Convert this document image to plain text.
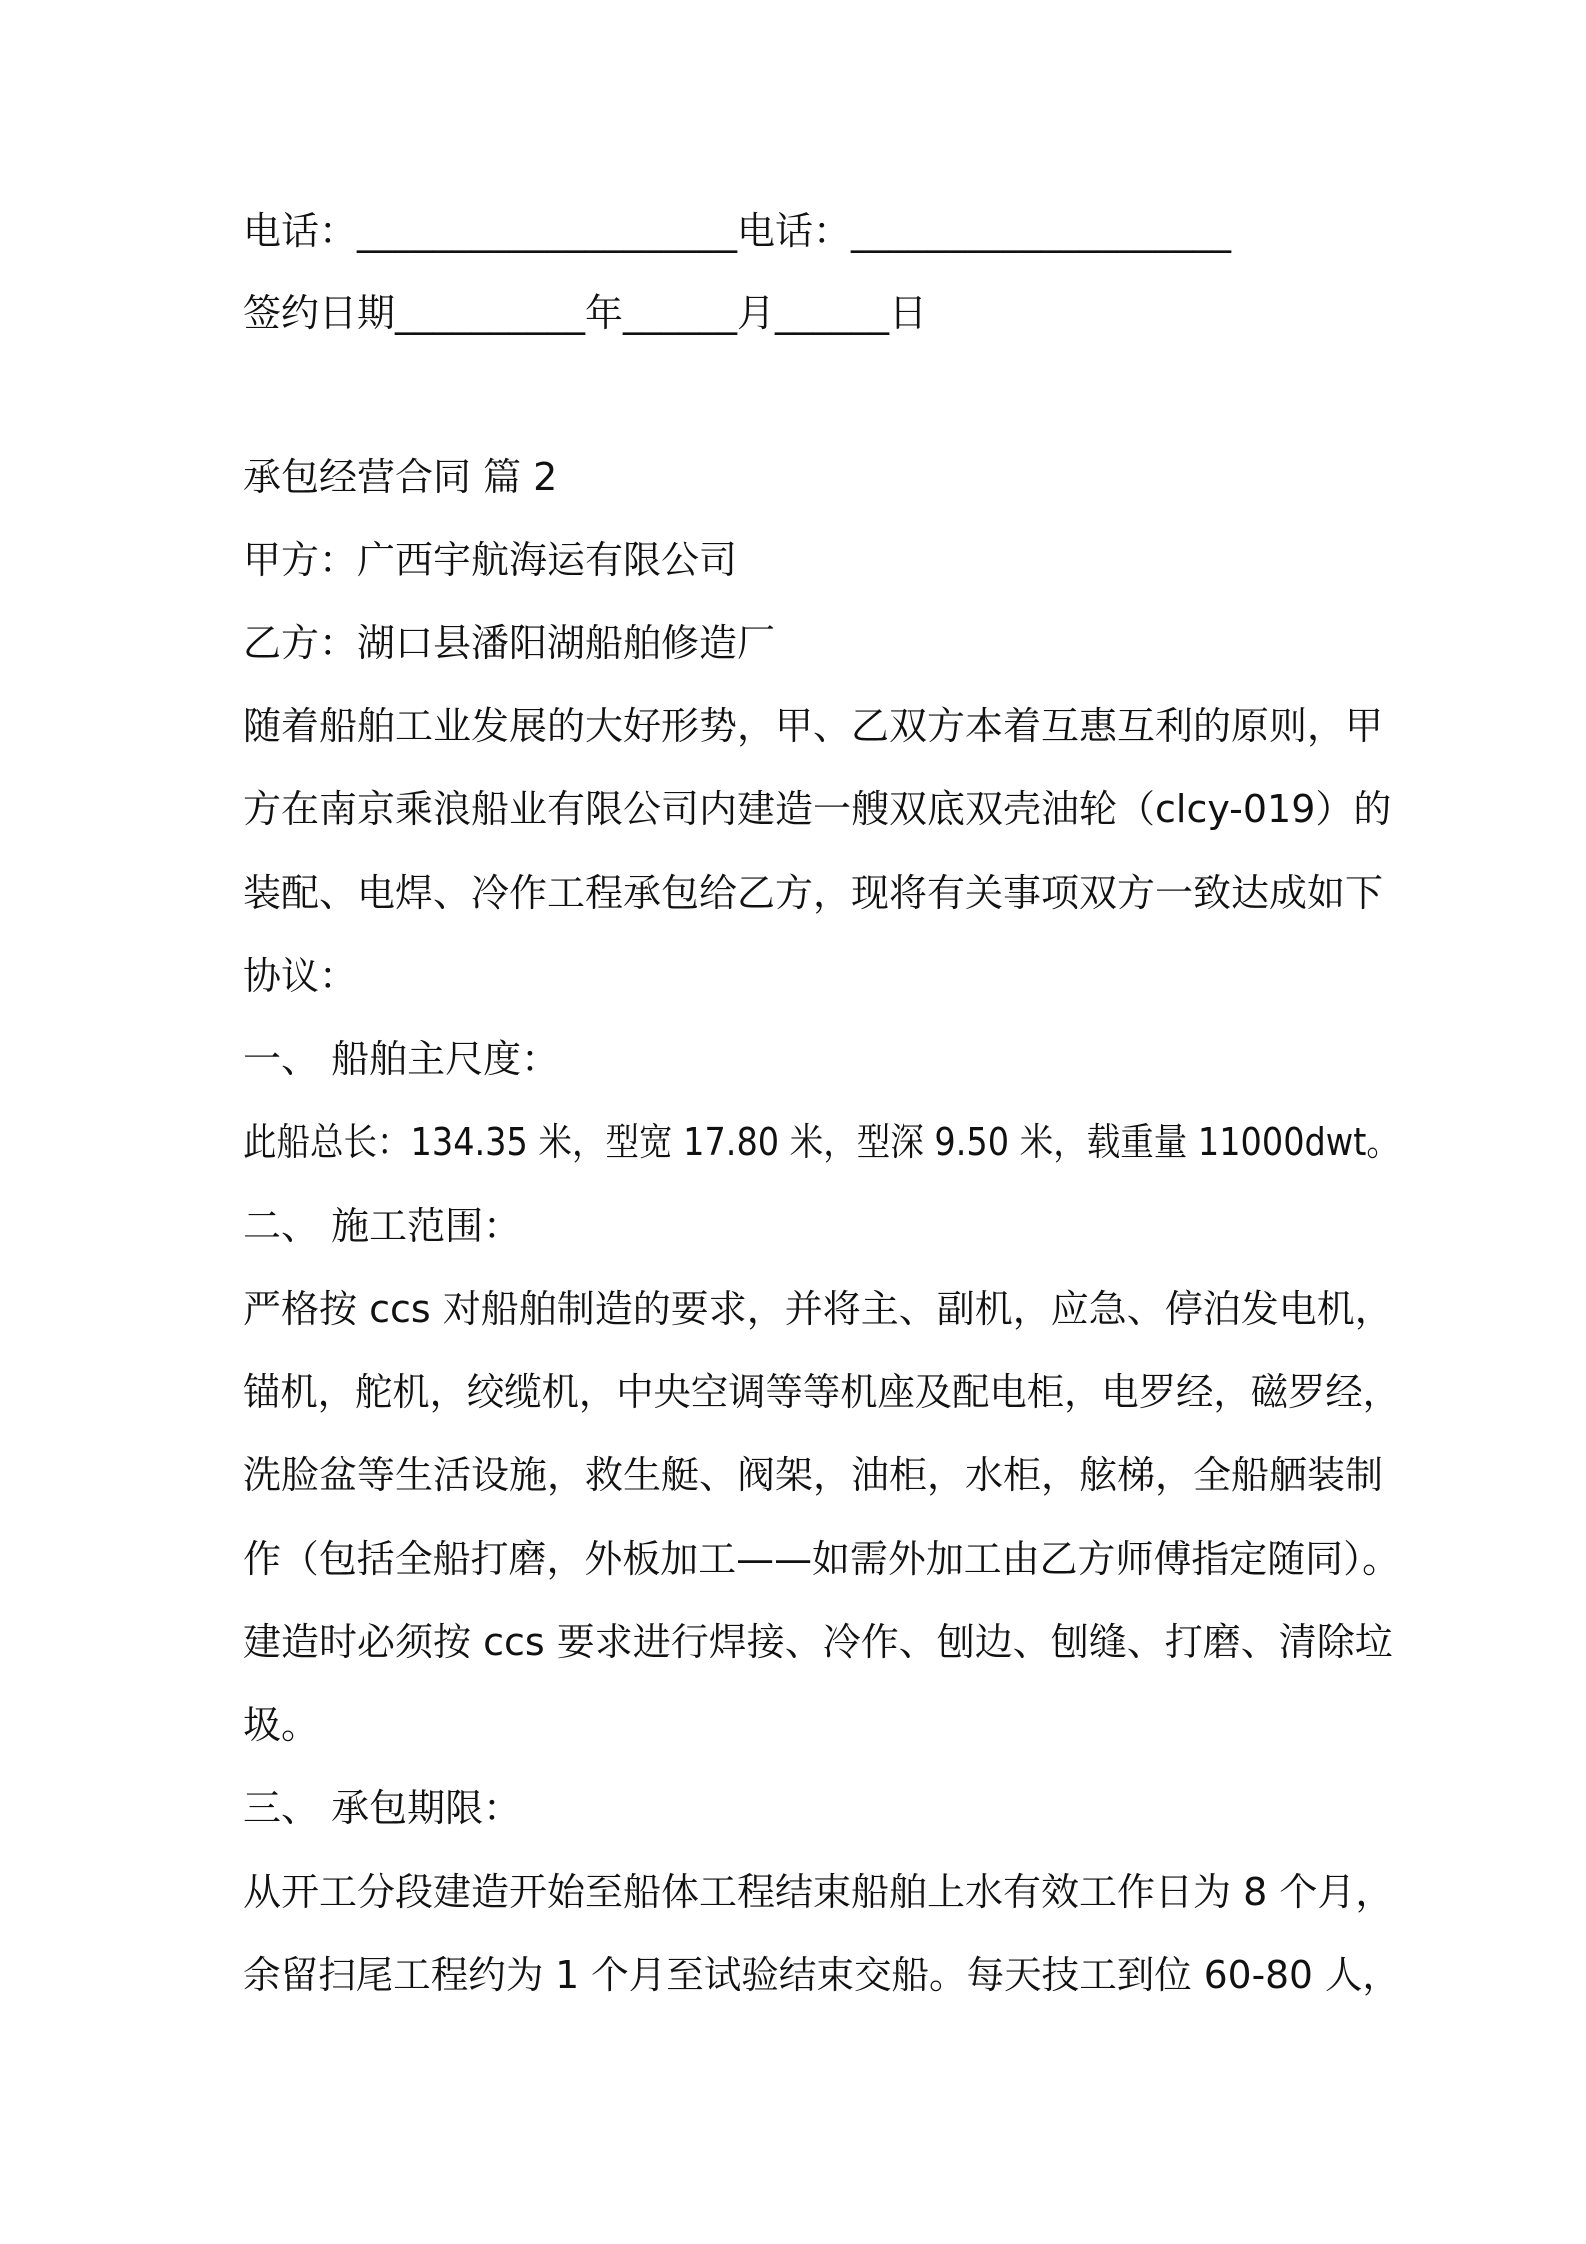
电话：____________________电话：____________________
签约日期__________年______月______日
承包经营合同 篇 2
甲方：广西宇航海运有限公司
乙方：湖口县潘阳湖船舶修造厂
随着船舶工业发展的大好形势，甲、乙双方本着互惠互利的原则，甲
方在南京乘浪船业有限公司内建造一艘双底双壳油轮（clcy-019）的
装配、电焊、冷作工程承包给乙方，现将有关事项双方一致达成如下
协议：
一、 船舶主尺度：
此船总长：134.35 米，型宽 17.80 米，型深 9.50 米，载重量 11000dwt。
二、 施工范围：
严格按 ccs 对船舶制造的要求，并将主、副机，应急、停泊发电机，
锚机，舵机，绞缆机，中央空调等等机座及配电柜，电罗经，磁罗经，
洗脸盆等生活设施，救生艇、阀架，油柜，水柜，舷梯，全船舾装制
作（包括全船打磨，外板加工——如需外加工由乙方师傅指定随同）。
建造时必须按 ccs 要求进行焊接、冷作、刨边、刨缝、打磨、清除垃
圾。
三、 承包期限：
从开工分段建造开始至船体工程结束船舶上水有效工作日为 8 个月，
余留扫尾工程约为 1 个月至试验结束交船。每天技工到位 60-80 人，
